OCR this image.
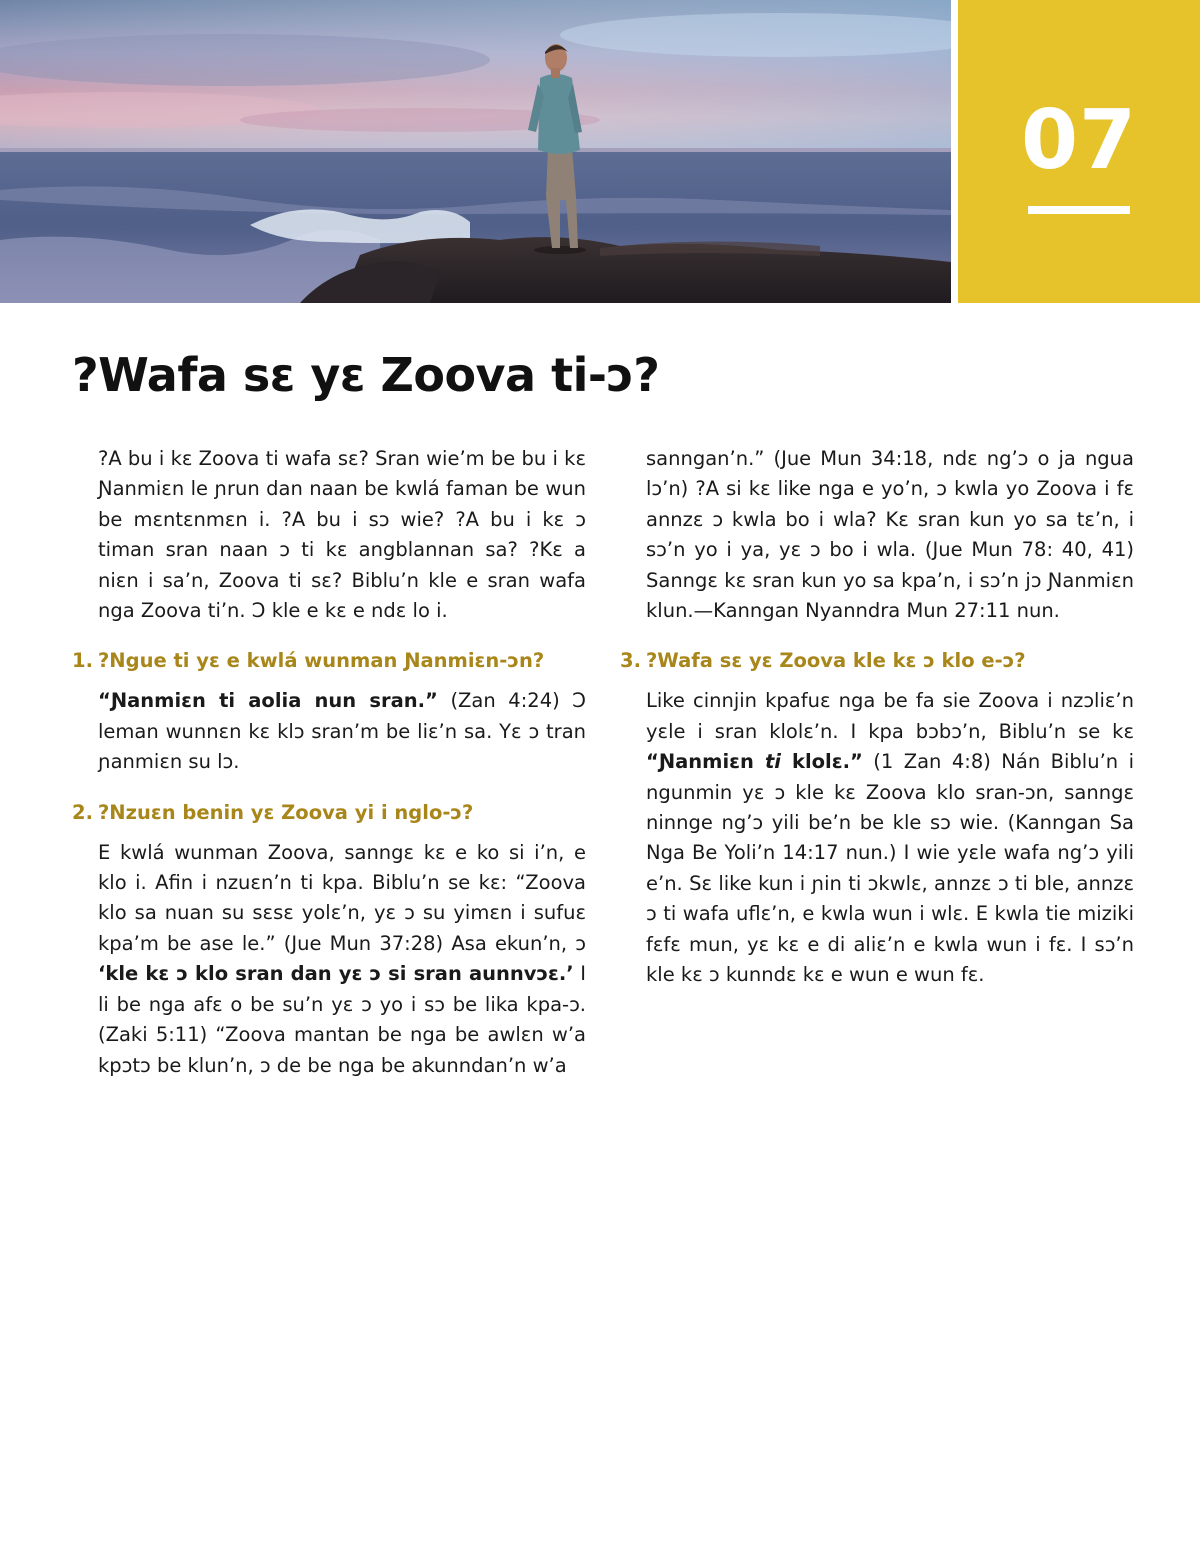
07
?Wafa sɛ yɛ Zoova ti-ɔ?

?A bu i kɛ Zoova ti wafa sɛ? Sran wie’m be bu i kɛ Ɲanmiɛn le ɲrun dan naan be kwlá faman be wun be mɛntɛnmɛn i. ?A bu i sɔ wie? ?A bu i kɛ ɔ timan sran naan ɔ ti kɛ angblannan sa? ?Kɛ a niɛn i sa’n, Zoova ti sɛ? Biblu’n kle e sran wafa nga Zoova ti’n. Ɔ kle e kɛ e ndɛ lo i.

1. ?Ngue ti yɛ e kwlá wunman Ɲanmiɛn-ɔn?

“Ɲanmiɛn ti aolia nun sran.” (Zan 4:24) Ɔ leman wunnɛn kɛ klɔ sran’m be liɛ’n sa. Yɛ ɔ tran ɲanmiɛn su lɔ.

2. ?Nzuɛn benin yɛ Zoova yi i nglo-ɔ?

E kwlá wunman Zoova, sanngɛ kɛ e ko si i’n, e klo i. Afin i nzuɛn’n ti kpa. Biblu’n se kɛ: “Zoova klo sa nuan su sɛsɛ yolɛ’n, yɛ ɔ su yimɛn i sufuɛ kpa’m be ase le.” (Jue Mun 37:28) Asa ekun’n, ɔ ‘kle kɛ ɔ klo sran dan yɛ ɔ si sran aunnvɔɛ.’ I li be nga afɛ o be su’n yɛ ɔ yo i sɔ be lika kpa-ɔ. (Zaki 5:11) “Zoova mantan be nga be awlɛn w’a kpɔtɔ be klun’n, ɔ de be nga be akunndan’n w’a

sanngan’n.” (Jue Mun 34:18, ndɛ ng’ɔ o ja ngua lɔ’n) ?A si kɛ like nga e yo’n, ɔ kwla yo Zoova i fɛ annzɛ ɔ kwla bo i wla? Kɛ sran kun yo sa tɛ’n, i sɔ’n yo i ya, yɛ ɔ bo i wla. (Jue Mun 78: 40, 41) Sanngɛ kɛ sran kun yo sa kpa’n, i sɔ’n jɔ Ɲanmiɛn klun.—Kanngan Nyanndra Mun 27:11 nun.

3. ?Wafa sɛ yɛ Zoova kle kɛ ɔ klo e-ɔ?

Like cinnjin kpafuɛ nga be fa sie Zoova i nzɔliɛ’n yɛle i sran klolɛ’n. I kpa bɔbɔ’n, Biblu’n se kɛ “Ɲanmiɛn ti klolɛ.” (1 Zan 4:8) Nán Biblu’n i ngunmin yɛ ɔ kle kɛ Zoova klo sran-ɔn, sanngɛ ninnge ng’ɔ yili be’n be kle sɔ wie. (Kanngan Sa Nga Be Yoli’n 14:17 nun.) I wie yɛle wafa ng’ɔ yili e’n. Sɛ like kun i ɲin ti ɔkwlɛ, annzɛ ɔ ti ble, annzɛ ɔ ti wafa uflɛ’n, e kwla wun i wlɛ. E kwla tie miziki fɛfɛ mun, yɛ kɛ e di aliɛ’n e kwla wun i fɛ. I sɔ’n kle kɛ ɔ kunndɛ kɛ e wun e wun fɛ.
